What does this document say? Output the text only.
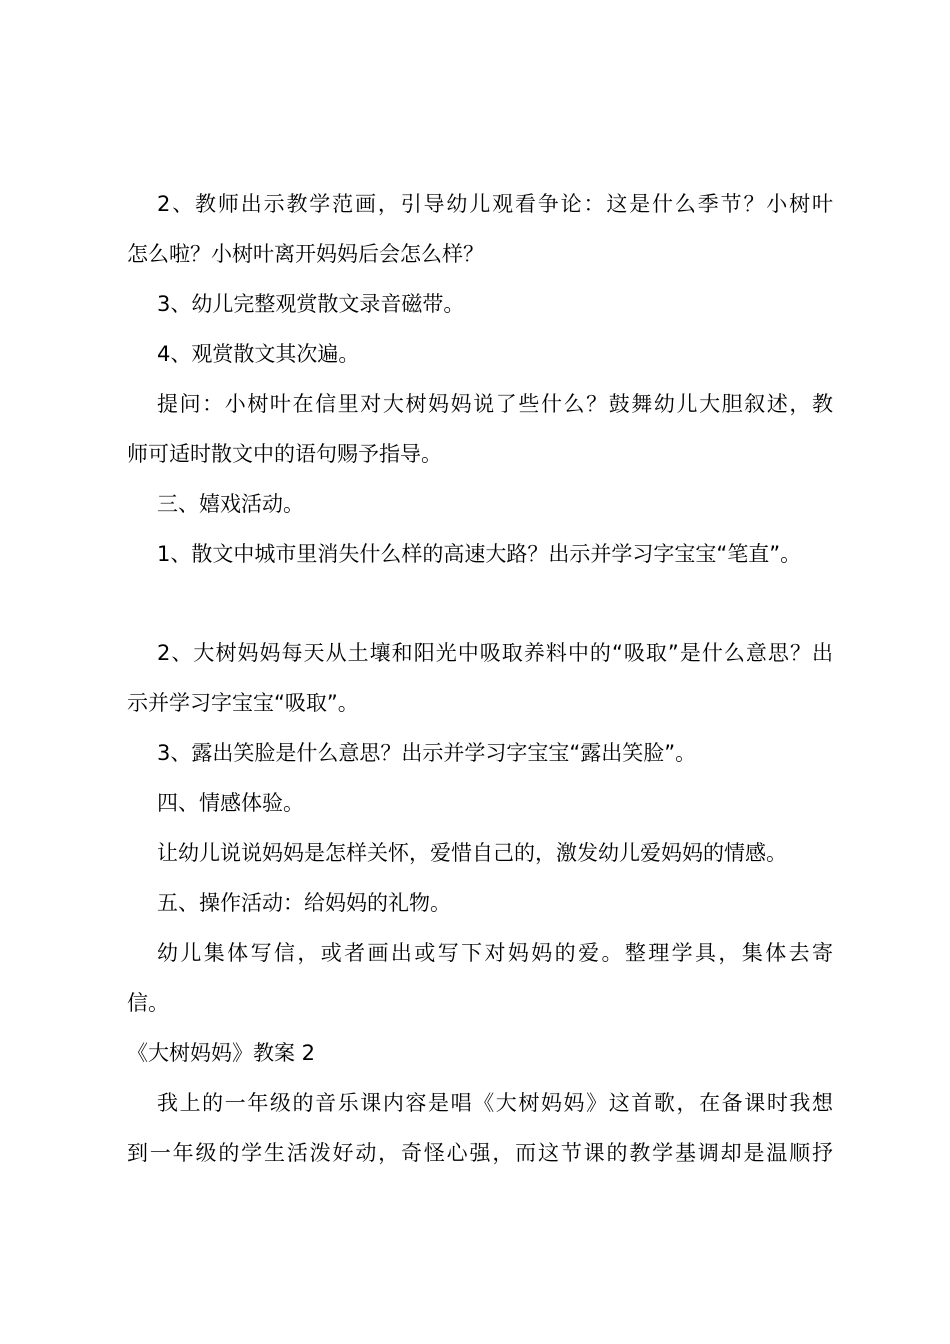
2、教师出示教学范画，引导幼儿观看争论：这是什么季节？小树叶
怎么啦？小树叶离开妈妈后会怎么样？
3、幼儿完整观赏散文录音磁带。
4、观赏散文其次遍。
提问：小树叶在信里对大树妈妈说了些什么？鼓舞幼儿大胆叙述，教
师可适时散文中的语句赐予指导。
三、嬉戏活动。
1、散文中城市里消失什么样的高速大路？出示并学习字宝宝“笔直”。
2、大树妈妈每天从土壤和阳光中吸取养料中的“吸取”是什么意思？出
示并学习字宝宝“吸取”。
3、露出笑脸是什么意思？出示并学习字宝宝“露出笑脸”。
四、情感体验。
让幼儿说说妈妈是怎样关怀，爱惜自己的，激发幼儿爱妈妈的情感。
五、操作活动：给妈妈的礼物。
幼儿集体写信，或者画出或写下对妈妈的爱。整理学具，集体去寄
信。
《大树妈妈》教案 2
我上的一年级的音乐课内容是唱《大树妈妈》这首歌，在备课时我想
到一年级的学生活泼好动，奇怪心强，而这节课的教学基调却是温顺抒
